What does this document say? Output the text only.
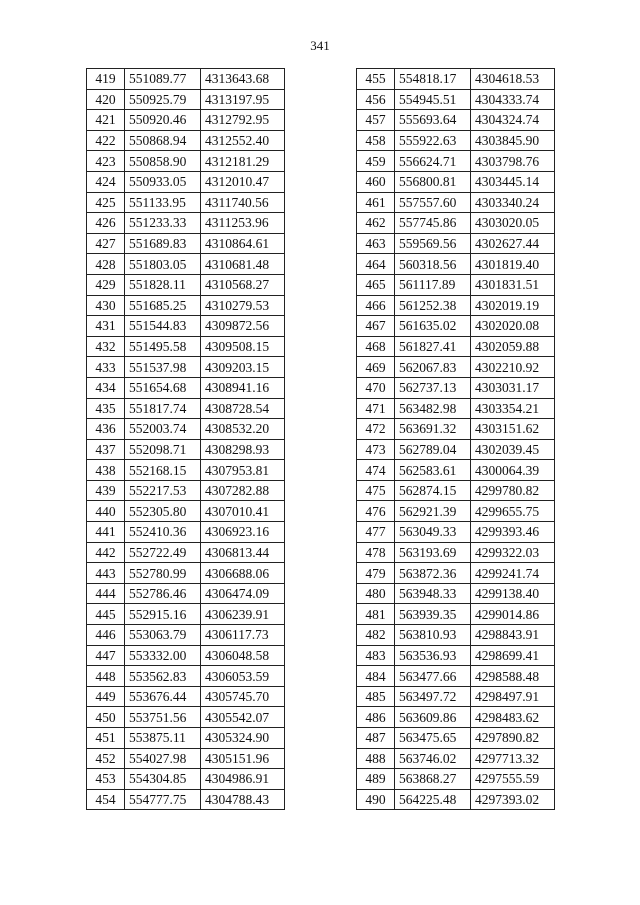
341
419	551089.77	4313643.68
420	550925.79	4313197.95
421	550920.46	4312792.95
422	550868.94	4312552.40
423	550858.90	4312181.29
424	550933.05	4312010.47
425	551133.95	4311740.56
426	551233.33	4311253.96
427	551689.83	4310864.61
428	551803.05	4310681.48
429	551828.11	4310568.27
430	551685.25	4310279.53
431	551544.83	4309872.56
432	551495.58	4309508.15
433	551537.98	4309203.15
434	551654.68	4308941.16
435	551817.74	4308728.54
436	552003.74	4308532.20
437	552098.71	4308298.93
438	552168.15	4307953.81
439	552217.53	4307282.88
440	552305.80	4307010.41
441	552410.36	4306923.16
442	552722.49	4306813.44
443	552780.99	4306688.06
444	552786.46	4306474.09
445	552915.16	4306239.91
446	553063.79	4306117.73
447	553332.00	4306048.58
448	553562.83	4306053.59
449	553676.44	4305745.70
450	553751.56	4305542.07
451	553875.11	4305324.90
452	554027.98	4305151.96
453	554304.85	4304986.91
454	554777.75	4304788.43
455	554818.17	4304618.53
456	554945.51	4304333.74
457	555693.64	4304324.74
458	555922.63	4303845.90
459	556624.71	4303798.76
460	556800.81	4303445.14
461	557557.60	4303340.24
462	557745.86	4303020.05
463	559569.56	4302627.44
464	560318.56	4301819.40
465	561117.89	4301831.51
466	561252.38	4302019.19
467	561635.02	4302020.08
468	561827.41	4302059.88
469	562067.83	4302210.92
470	562737.13	4303031.17
471	563482.98	4303354.21
472	563691.32	4303151.62
473	562789.04	4302039.45
474	562583.61	4300064.39
475	562874.15	4299780.82
476	562921.39	4299655.75
477	563049.33	4299393.46
478	563193.69	4299322.03
479	563872.36	4299241.74
480	563948.33	4299138.40
481	563939.35	4299014.86
482	563810.93	4298843.91
483	563536.93	4298699.41
484	563477.66	4298588.48
485	563497.72	4298497.91
486	563609.86	4298483.62
487	563475.65	4297890.82
488	563746.02	4297713.32
489	563868.27	4297555.59
490	564225.48	4297393.02
